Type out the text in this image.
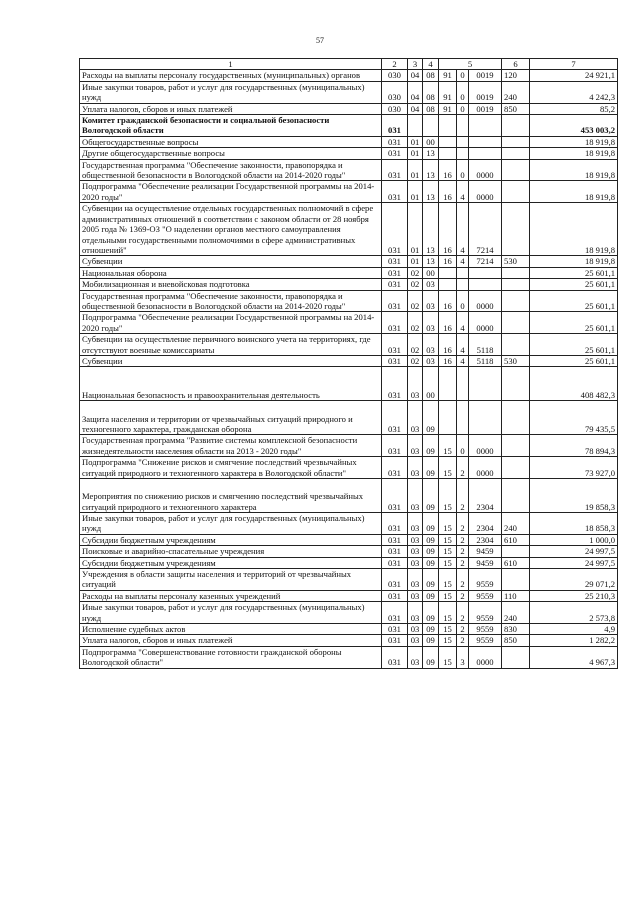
57
1	2	3	4	5			6	7
Расходы на выплаты персоналу государственных (муниципальных) органов	030	04	08	91	0	0019	120	24 921,1
Иные закупки товаров, работ и услуг для государственных (муниципальных) нужд	030	04	08	91	0	0019	240	4 242,3
Уплата налогов, сборов и иных платежей	030	04	08	91	0	0019	850	85,2
Комитет гражданской безопасности и социальной безопасности Вологодской области	031							453 003,2
Общегосударственные вопросы	031	01	00					18 919,8
Другие общегосударственные вопросы	031	01	13					18 919,8
Государственная программа "Обеспечение законности, правопорядка и общественной безопасности в Вологодской области на 2014-2020 годы"	031	01	13	16	0	0000		18 919,8
Подпрограмма "Обеспечение реализации Государственной программы на 2014-2020 годы"	031	01	13	16	4	0000		18 919,8
Субвенции на осуществление отдельных государственных полномочий в сфере административных отношений в соответствии с законом области от 28 ноября 2005 года № 1369-ОЗ "О наделении органов местного самоуправления отдельными государственными полномочиями в сфере административных отношений"	031	01	13	16	4	7214		18 919,8
Субвенции	031	01	13	16	4	7214	530	18 919,8
Национальная оборона	031	02	00					25 601,1
Мобилизационная и вневойсковая подготовка	031	02	03					25 601,1
Государственная программа "Обеспечение законности, правопорядка и общественной безопасности в Вологодской области на 2014-2020 годы"	031	02	03	16	0	0000		25 601,1
Подпрограмма "Обеспечение реализации Государственной программы на 2014-2020 годы"	031	02	03	16	4	0000		25 601,1
Субвенции на осуществление первичного воинского учета на территориях, где отсутствуют военные комиссариаты	031	02	03	16	4	5118		25 601,1
Субвенции	031	02	03	16	4	5118	530	25 601,1
Национальная безопасность и правоохранительная деятельность	031	03	00					408 482,3
Защита населения и территории от чрезвычайных ситуаций природного и техногенного характера, гражданская оборона	031	03	09					79 435,5
Государственная программа "Развитие системы комплексной безопасности жизнедеятельности населения области на 2013 - 2020 годы"	031	03	09	15	0	0000		78 894,3
Подпрограмма "Снижение рисков и смягчение последствий чрезвычайных ситуаций природного и техногенного характера в Вологодской области"	031	03	09	15	2	0000		73 927,0
Мероприятия по снижению рисков и смягчению последствий чрезвычайных ситуаций природного и техногенного характера	031	03	09	15	2	2304		19 858,3
Иные закупки товаров, работ и услуг для государственных (муниципальных) нужд	031	03	09	15	2	2304	240	18 858,3
Субсидии бюджетным учреждениям	031	03	09	15	2	2304	610	1 000,0
Поисковые и аварийно-спасательные учреждения	031	03	09	15	2	9459		24 997,5
Субсидии бюджетным учреждениям	031	03	09	15	2	9459	610	24 997,5
Учреждения в области защиты населения и территорий от чрезвычайных ситуаций	031	03	09	15	2	9559		29 071,2
Расходы на выплаты персоналу казенных учреждений	031	03	09	15	2	9559	110	25 210,3
Иные закупки товаров, работ и услуг для государственных (муниципальных) нужд	031	03	09	15	2	9559	240	2 573,8
Исполнение судебных актов	031	03	09	15	2	9559	830	4,9
Уплата налогов, сборов и иных платежей	031	03	09	15	2	9559	850	1 282,2
Подпрограмма "Совершенствование готовности гражданской обороны Вологодской области"	031	03	09	15	3	0000		4 967,3
